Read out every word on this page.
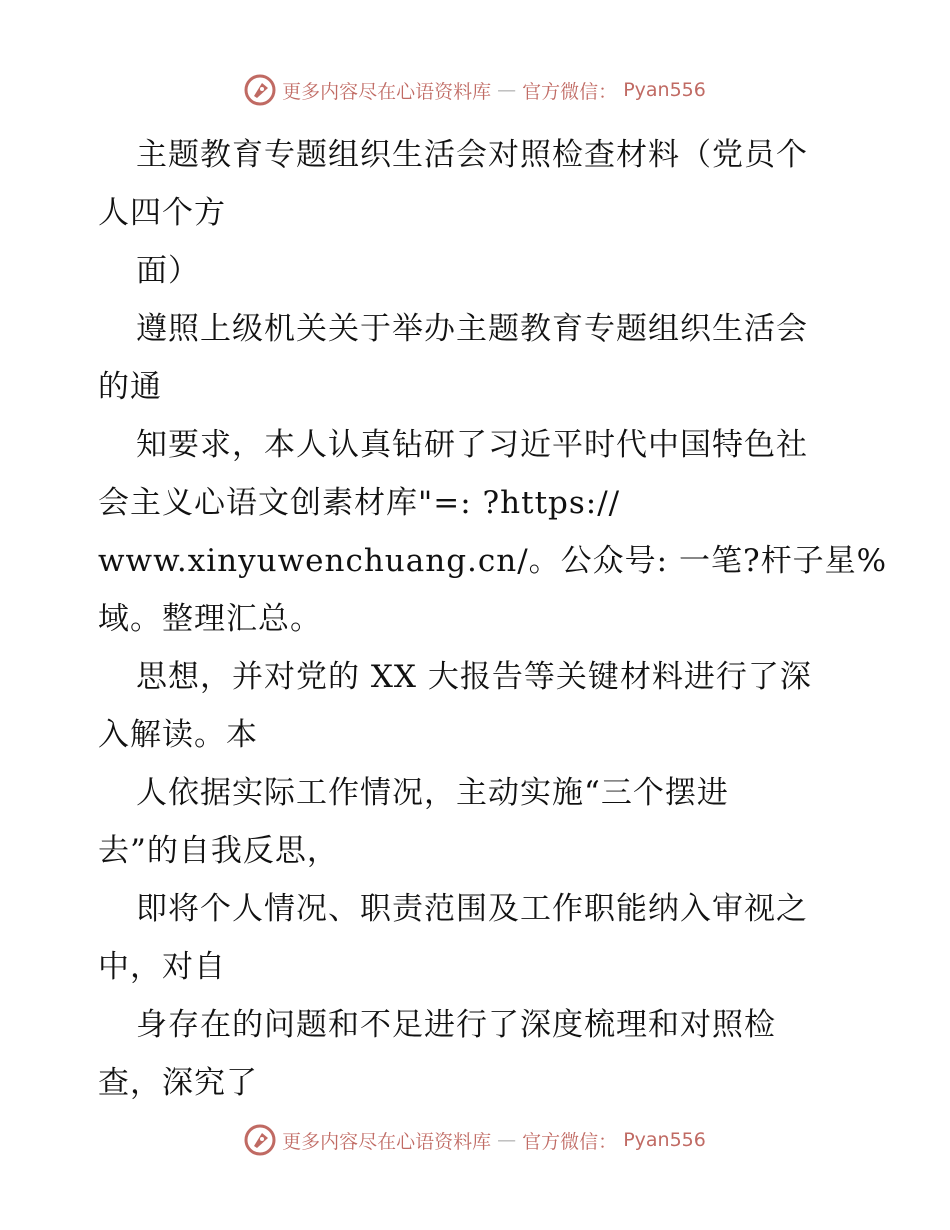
更多内容尽在心语资料库 — 官方微信： Pyan556
主题教育专题组织生活会对照检查材料（党员个
人四个方
面）
遵照上级机关关于举办主题教育专题组织生活会
的通
知要求，本人认真钻研了习近平时代中国特色社
会主义心语文创素材库"=: ?https://
www.xinyuwenchuang.cn/。公众号: 一笔?杆子星%
域。整理汇总。
思想，并对党的 XX 大报告等关键材料进行了深
入解读。本
人依据实际工作情况，主动实施“三个摆进
去”的自我反思，
即将个人情况、职责范围及工作职能纳入审视之
中，对自
身存在的问题和不足进行了深度梳理和对照检
查，深究了
更多内容尽在心语资料库 — 官方微信： Pyan556
